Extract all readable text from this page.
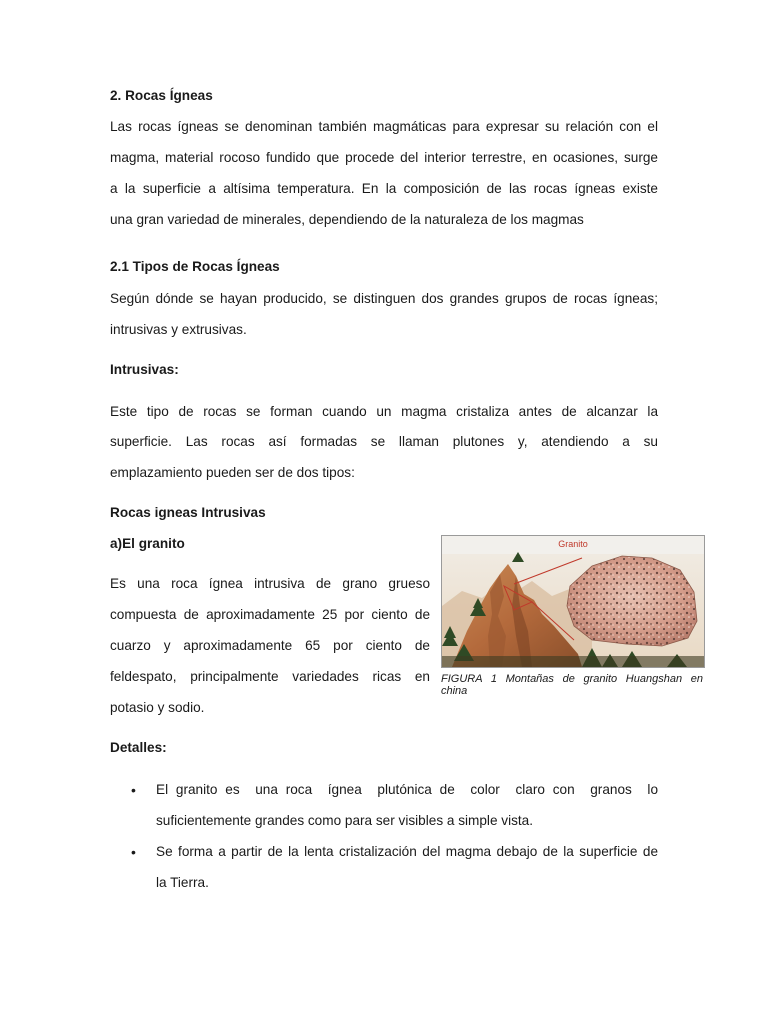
2. Rocas Ígneas
Las rocas ígneas se denominan también magmáticas para expresar su relación con el
magma, material rocoso fundido que procede del interior terrestre, en ocasiones, surge
a la superficie a altísima temperatura. En la composición de las rocas ígneas existe
una gran variedad de minerales, dependiendo de la naturaleza de los magmas
2.1 Tipos de Rocas Ígneas
Según dónde se hayan producido, se distinguen dos grandes grupos de rocas ígneas;
intrusivas y extrusivas.
Intrusivas:
Este tipo de rocas se forman cuando un magma cristaliza antes de alcanzar la
superficie. Las rocas así formadas se llaman plutones y, atendiendo a su
emplazamiento pueden ser de dos tipos:
Rocas igneas Intrusivas
a)El granito
Es una roca ígnea intrusiva de grano grueso
compuesta de aproximadamente 25 por ciento de
cuarzo y aproximadamente 65 por ciento de
feldespato, principalmente variedades ricas en
potasio y sodio.
Granito
FIGURA 1 Montañas de granito Huangshan en
china
Detalles:
• El granito es  una roca  ígnea  plutónica de  color  claro con  granos  lo
suficientemente grandes como para ser visibles a simple vista.
• Se forma a partir de la lenta cristalización del magma debajo de la superficie de
la Tierra.
